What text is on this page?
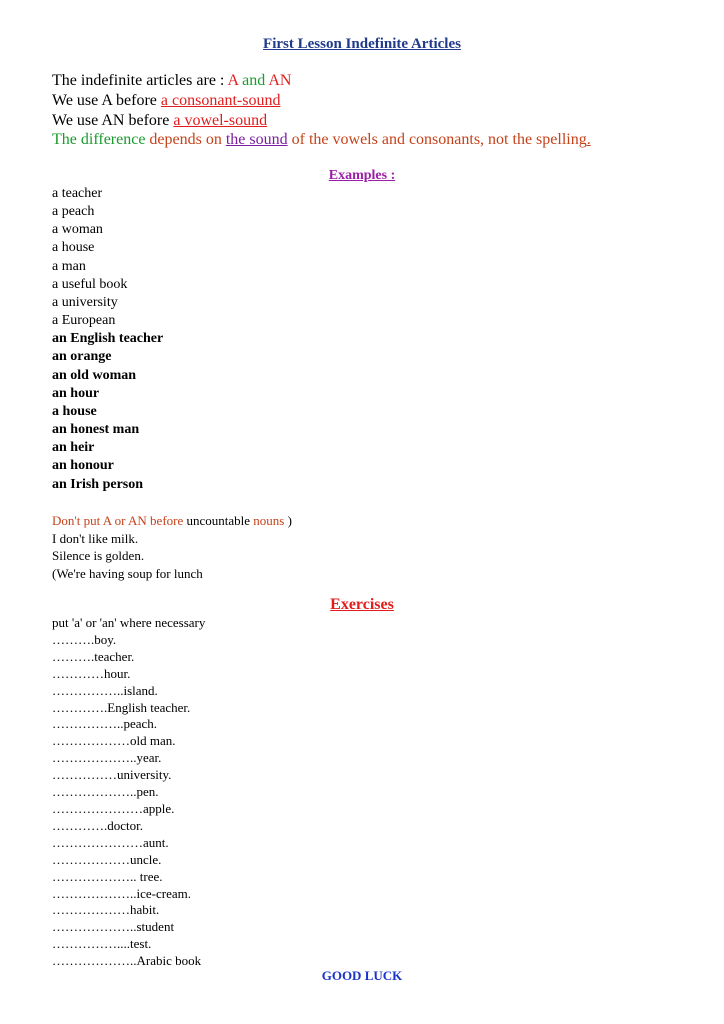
First Lesson Indefinite Articles
The indefinite articles are : A and AN
We use A before a consonant-sound
We use AN before a vowel-sound
The difference depends on the sound of the vowels and consonants, not the spelling.
Examples :
a teacher
a peach
a woman
a house
a man
a useful book
a university
a European
an English teacher
an orange
an old woman
an hour
a house
an honest man
an heir
an honour
an Irish person
Don't put A or AN before uncountable nouns )
I don't like milk.
Silence is golden.
(We're having soup for lunch
Exercises
put 'a' or 'an' where necessary
……….boy.
……….teacher.
…………hour.
……………..island.
………….English teacher.
……………..peach.
………………old man.
………………..year.
……………university.
………………..pen.
…………………apple.
………….doctor.
…………………aunt.
………………uncle.
……………….. tree.
………………..ice-cream.
………………habit.
………………..student
……………....test.
………………..Arabic book
GOOD LUCK
